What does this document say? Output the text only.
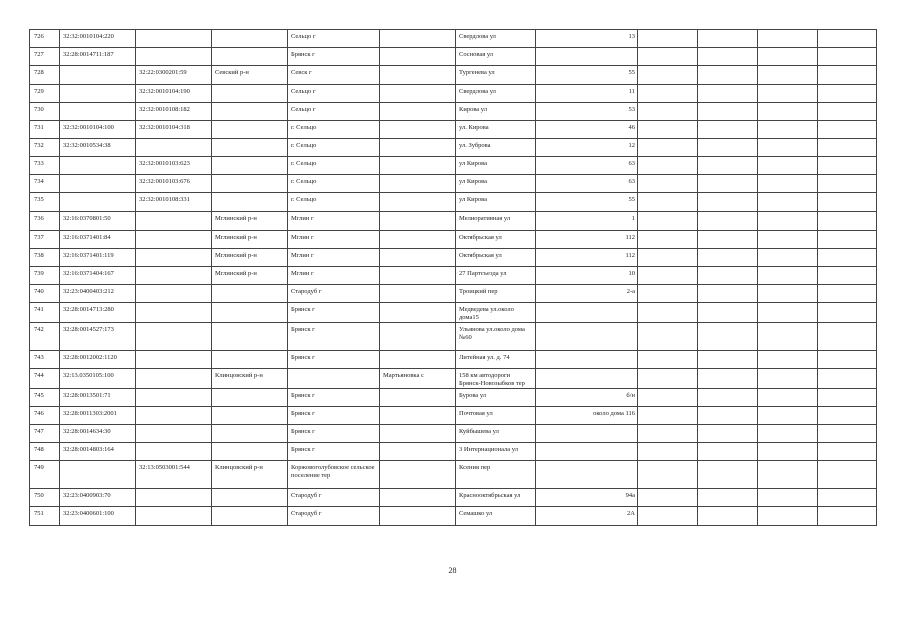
726	32:32:0010104:220			Сельцо г		Свердлова ул	13				
727	32:28:0014711:187			Брянск г		Сосновая ул					
728		32:22:0300201:59	Севский р-н	Севск г		Тургенева ул	55				
729		32:32:0010104:190		Сельцо г		Свердлова ул	11				
730		32:32:0010108:182		Сельцо г		Кирова ул	53				
731	32:32:0010104:100	32:32:0010104:318		г. Сельцо		ул. Кирова	46				
732	32:32:0010534:38			г. Сельцо		ул. Зуброва	12				
733		32:32:0010103:623		г. Сельцо		ул Кирова	63				
734		32:32:0010103:676		г. Сельцо		ул Кирова	63				
735		32:32:0010108:331		г. Сельцо		ул Кирова	55				
736	32:16:0370801:50		Мглинский р-н	Мглин г		Мелиоративная ул	1				
737	32:16:0371401:84		Мглинский р-н	Мглин г		Октябрьская ул	112				
738	32:16:0371401:119		Мглинский р-н	Мглин г		Октябрьская ул	112				
739	32:16:0371404:167		Мглинский р-н	Мглин г		27 Партсъезда ул	10				
740	32:23:0400403:212			Стародуб г		Троицкий пер	2-а				
741	32:28:0014713:280			Брянск г		Медведева ул.около дома15					
742	32:28:0014527:173			Брянск г		Ульянова ул.около дома №60					
743	32:28:0012002:1120			Брянск г		Литейная ул. д. 74					
744	32:13.0350105:100		Клинцовский р-н		Мартьяновка с	158 км автодороги Брянск-Новозыбков тер					
745	32:28:0013501:71			Брянск г		Бурова ул	б/н				
746	32:28:0011303:2001			Брянск г		Почтовая ул	около дома 116				
747	32:28:0014634:30			Брянск г		Куйбышева ул					
748	32:28:0014803:164			Брянск г		3 Интернационала ул					
749		32:13:0503001:544	Клинцовский р-н	Коржовоголубовское сельское поселение тер		Ксения пер					
750	32:23:0400903:70			Стародуб г		Краснооктябрьская ул	94а				
751	32:23:0400601:100			Стародуб г		Семашко ул	2А				
28
